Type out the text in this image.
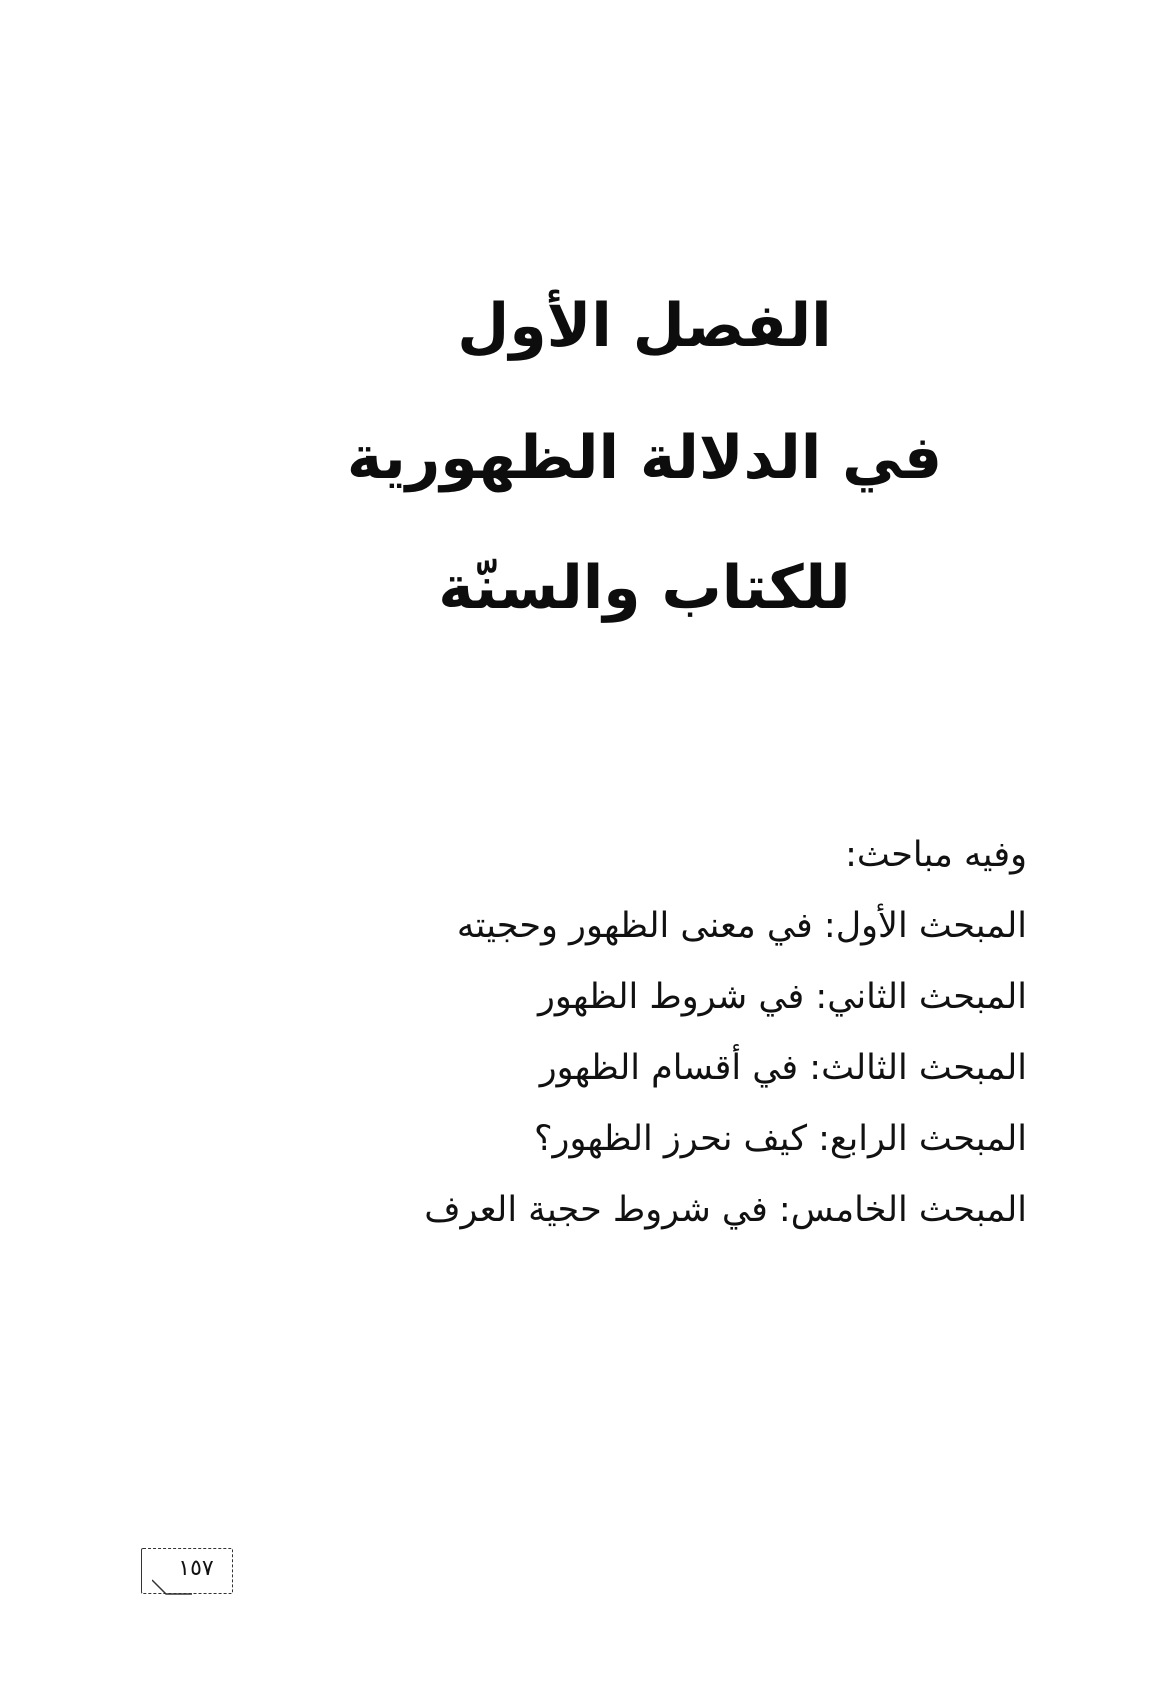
الفصل الأول
في الدلالة الظهورية
للكتاب والسنّة
وفيه مباحث:
المبحث الأول: في معنى الظهور وحجيته
المبحث الثاني: في شروط الظهور
المبحث الثالث: في أقسام الظهور
المبحث الرابع: كيف نحرز الظهور؟
المبحث الخامس: في شروط حجية العرف
١٥٧
